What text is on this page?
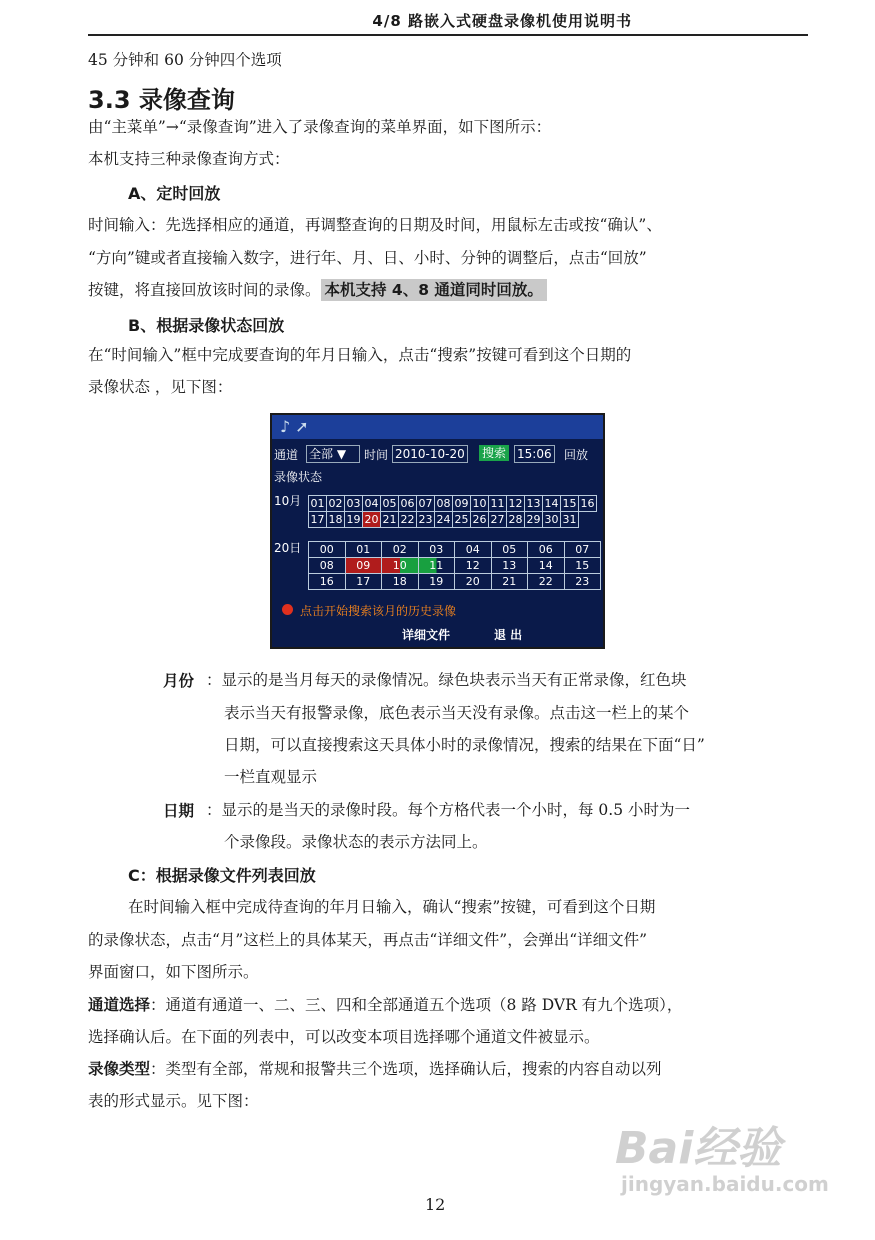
4/8 路嵌入式硬盘录像机使用说明书
45 分钟和 60 分钟四个选项
3.3 录像查询
由“主菜单”→“录像查询”进入了录像查询的菜单界面，如下图所示：
本机支持三种录像查询方式：
A、定时回放
时间输入：先选择相应的通道，再调整查询的日期及时间，用鼠标左击或按“确认”、
“方向”键或者直接输入数字，进行年、月、日、小时、分钟的调整后，点击“回放”
按键，将直接回放该时间的录像。 本机支持 4、8 通道同时回放。
B、根据录像状态回放
在“时间输入”框中完成要查询的年月日输入，点击“搜索”按键可看到这个日期的
录像状态 ，见下图：
♪ ➚
通道 全部 ▼	时间 2010-10-20 搜索 15:06 回放
录像状态
10月 01 02 03 04 05 06 07 08 09 10 11 12 13 14 15 16
17 18 19 20 21 22 23 24 25 26 27 28 29 30 31
20日	00	01	02	03	04	05	06	07
08	09	10	11	12	13	14	15
16	17	18	19	20	21	22	23
点击开始搜索该月的历史录像
详细文件	退 出
月份 ：显示的是当月每天的录像情况。绿色块表示当天有正常录像，红色块
表示当天有报警录像，底色表示当天没有录像。点击这一栏上的某个
日期，可以直接搜索这天具体小时的录像情况，搜索的结果在下面“日”
一栏直观显示
日期 ：显示的是当天的录像时段。每个方格代表一个小时，每 0.5 小时为一
个录像段。录像状态的表示方法同上。
C：根据录像文件列表回放
在时间输入框中完成待查询的年月日输入，确认“搜索”按键，可看到这个日期
的录像状态，点击“月”这栏上的具体某天，再点击“详细文件”，会弹出“详细文件”
界面窗口，如下图所示。
通道选择：通道有通道一、二、三、四和全部通道五个选项（8 路 DVR 有九个选项），
选择确认后。在下面的列表中，可以改变本项目选择哪个通道文件被显示。
录像类型：类型有全部，常规和报警共三个选项，选择确认后，搜索的内容自动以列
表的形式显示。见下图：
Bai经验
jingyan.baidu.com
12
